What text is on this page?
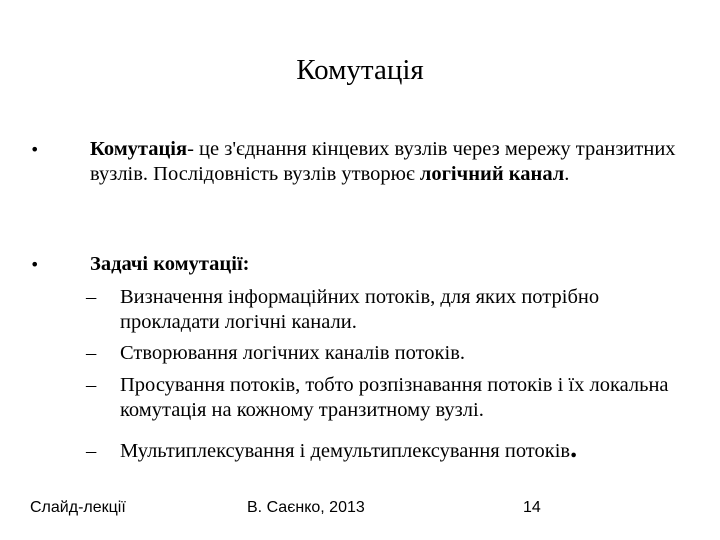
Комутація
•	Комутація- це з'єднання кінцевих вузлів через мережу транзитних вузлів. Послідовність вузлів утворює логічний канал.
•	Задачі комутації:
–	Визначення інформаційних потоків, для яких потрібно прокладати логічні канали.
–	Створювання логічних каналів потоків.
–	Просування потоків, тобто розпізнавання потоків і їх локальна комутація на кожному транзитному вузлі.
–	Мультиплексування і демультиплексування потоків.
Слайд-лекції	В. Саєнко, 2013	14
